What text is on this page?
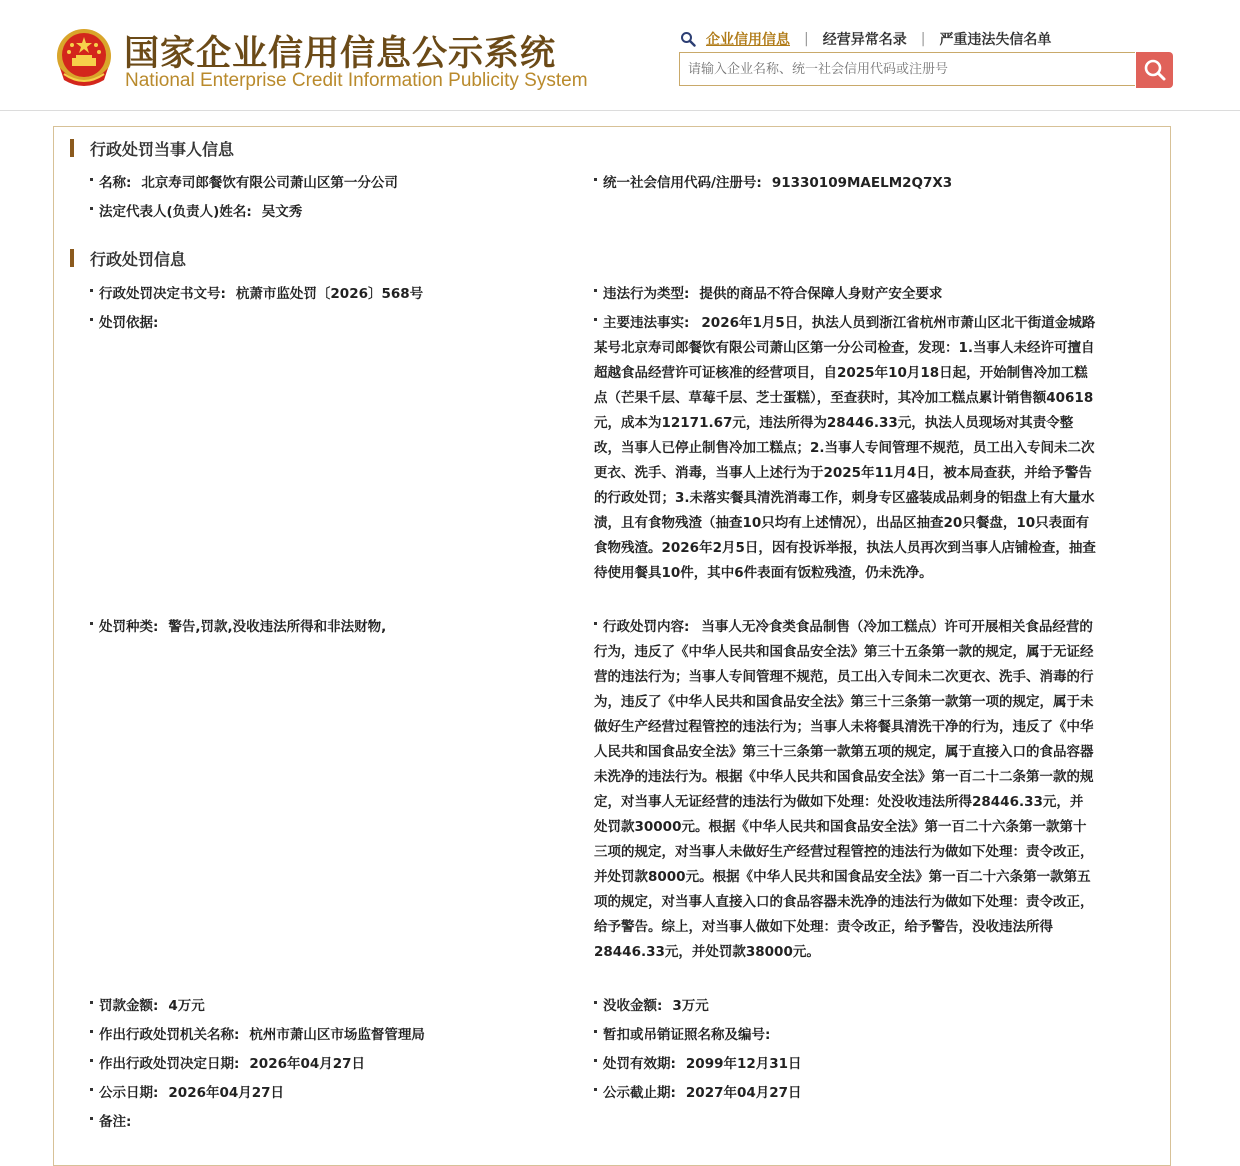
国家企业信用信息公示系统
National Enterprise Credit Information Publicity System
企业信用信息 | 经营异常名录 | 严重违法失信名单
请输入企业名称、统一社会信用代码或注册号
行政处罚当事人信息
名称: 北京寿司郎餐饮有限公司萧山区第一分公司	统一社会信用代码/注册号: 91330109MAELM2Q7X3
法定代表人(负责人)姓名: 吴文秀
行政处罚信息
行政处罚决定书文号: 杭萧市监处罚〔2026〕568号	违法行为类型: 提供的商品不符合保障人身财产安全要求
处罚依据:	主要违法事实: 2026年1月5日，执法人员到浙江省杭州市萧山区北干街道金城路某号北京寿司郎餐饮有限公司萧山区第一分公司检查，发现：1.当事人未经许可擅自超越食品经营许可证核准的经营项目，自2025年10月18日起，开始制售冷加工糕点（芒果千层、草莓千层、芝士蛋糕），至查获时，其冷加工糕点累计销售额40618元，成本为12171.67元，违法所得为28446.33元，执法人员现场对其责令整改，当事人已停止制售冷加工糕点；2.当事人专间管理不规范，员工出入专间未二次更衣、洗手、消毒，当事人上述行为于2025年11月4日，被本局查获，并给予警告的行政处罚；3.未落实餐具清洗消毒工作，刺身专区盛装成品刺身的铝盘上有大量水渍，且有食物残渣（抽查10只均有上述情况），出品区抽查20只餐盘，10只表面有食物残渣。2026年2月5日，因有投诉举报，执法人员再次到当事人店铺检查，抽查待使用餐具10件，其中6件表面有饭粒残渣，仍未洗净。
处罚种类: 警告,罚款,没收违法所得和非法财物,	行政处罚内容: 当事人无冷食类食品制售（冷加工糕点）许可开展相关食品经营的行为，违反了《中华人民共和国食品安全法》第三十五条第一款的规定，属于无证经营的违法行为；当事人专间管理不规范，员工出入专间未二次更衣、洗手、消毒的行为，违反了《中华人民共和国食品安全法》第三十三条第一款第一项的规定，属于未做好生产经营过程管控的违法行为；当事人未将餐具清洗干净的行为，违反了《中华人民共和国食品安全法》第三十三条第一款第五项的规定，属于直接入口的食品容器未洗净的违法行为。根据《中华人民共和国食品安全法》第一百二十二条第一款的规定，对当事人无证经营的违法行为做如下处理：处没收违法所得28446.33元，并处罚款30000元。根据《中华人民共和国食品安全法》第一百二十六条第一款第十三项的规定，对当事人未做好生产经营过程管控的违法行为做如下处理：责令改正，并处罚款8000元。根据《中华人民共和国食品安全法》第一百二十六条第一款第五项的规定，对当事人直接入口的食品容器未洗净的违法行为做如下处理：责令改正，给予警告。综上，对当事人做如下处理：责令改正，给予警告，没收违法所得28446.33元，并处罚款38000元。
罚款金额: 4万元	没收金额: 3万元
作出行政处罚机关名称: 杭州市萧山区市场监督管理局	暂扣或吊销证照名称及编号:
作出行政处罚决定日期: 2026年04月27日	处罚有效期: 2099年12月31日
公示日期: 2026年04月27日	公示截止期: 2027年04月27日
备注:
